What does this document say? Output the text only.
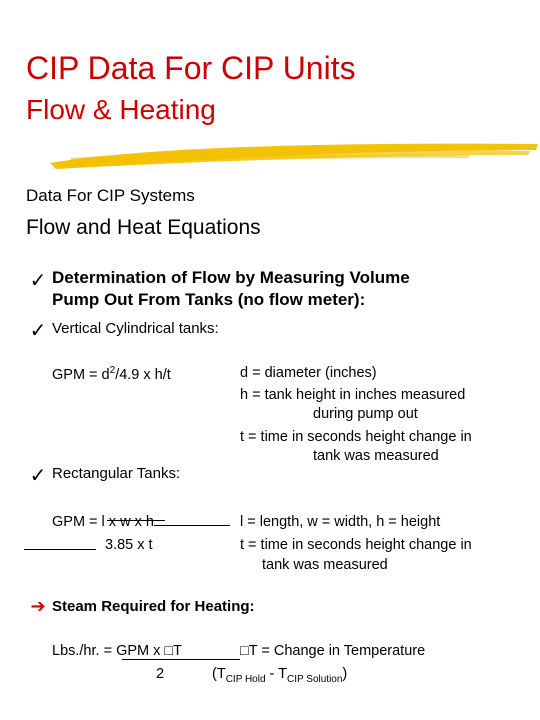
CIP Data For CIP Units
Flow & Heating
Data For CIP Systems
Flow and Heat Equations
✓ Determination of Flow by Measuring Volume
Pump Out From Tanks (no flow meter):
✓ Vertical Cylindrical tanks:
GPM = $d^2/4.9$ x h/t	d = diameter (inches)
h = tank height in inches measured
during pump out
t = time in seconds height change in
tank was measured
✓ Rectangular Tanks:
GPM = l x w x h
3.85 x t
l = length, w = width, h = height
t = time in seconds height change in
tank was measured
➔ Steam Required for Heating:
Lbs./hr. = GPM x □T
2
□T = Change in Temperature
$(T_{CIP Hold} - T_{CIP Solution})$
